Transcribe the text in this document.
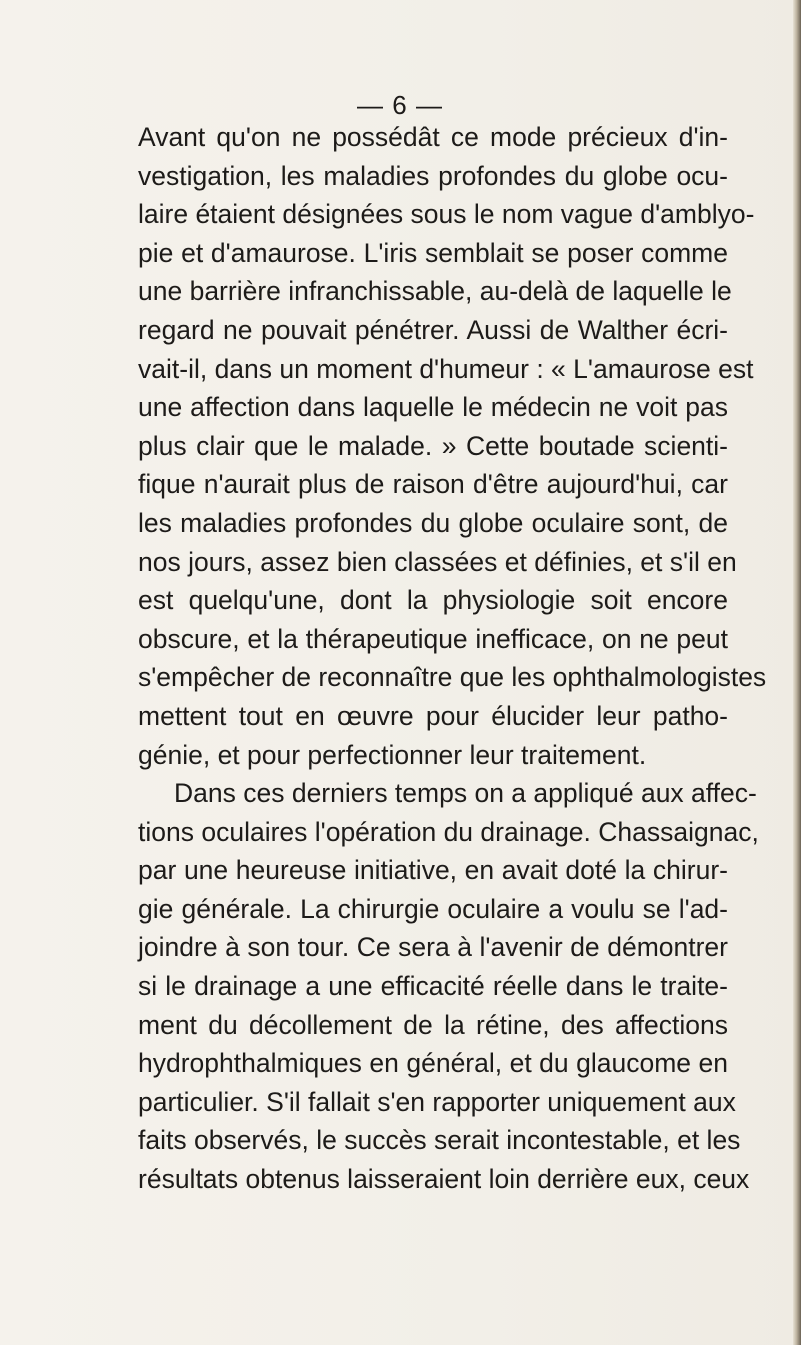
— 6 —
Avant qu'on ne possédât ce mode précieux d'in-
vestigation, les maladies profondes du globe ocu-
laire étaient désignées sous le nom vague d'amblyo-
pie et d'amaurose. L'iris semblait se poser comme
une barrière infranchissable, au-delà de laquelle le
regard ne pouvait pénétrer. Aussi de Walther écri-
vait-il, dans un moment d'humeur : « L'amaurose est
une affection dans laquelle le médecin ne voit pas
plus clair que le malade. » Cette boutade scienti-
fique n'aurait plus de raison d'être aujourd'hui, car
les maladies profondes du globe oculaire sont, de
nos jours, assez bien classées et définies, et s'il en
est quelqu'une, dont la physiologie soit encore
obscure, et la thérapeutique inefficace, on ne peut
s'empêcher de reconnaître que les ophthalmologistes
mettent tout en œuvre pour élucider leur patho-
génie, et pour perfectionner leur traitement.
Dans ces derniers temps on a appliqué aux affec-
tions oculaires l'opération du drainage. Chassaignac,
par une heureuse initiative, en avait doté la chirur-
gie générale. La chirurgie oculaire a voulu se l'ad-
joindre à son tour. Ce sera à l'avenir de démontrer
si le drainage a une efficacité réelle dans le traite-
ment du décollement de la rétine, des affections
hydrophthalmiques en général, et du glaucome en
particulier. S'il fallait s'en rapporter uniquement aux
faits observés, le succès serait incontestable, et les
résultats obtenus laisseraient loin derrière eux, ceux
